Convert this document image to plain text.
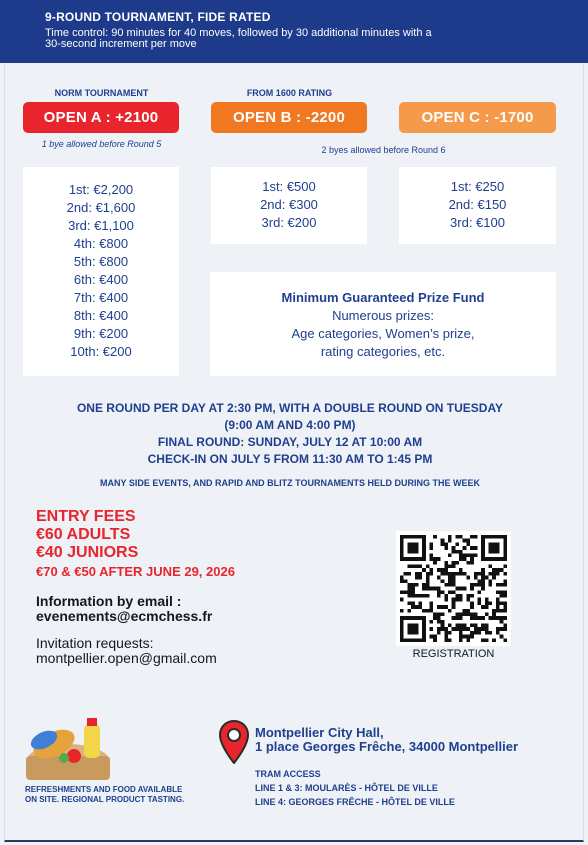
9-ROUND TOURNAMENT, FIDE RATED
Time control: 90 minutes for 40 moves, followed by 30 additional minutes with a
30-second increment per move
NORM TOURNAMENT
OPEN A : +2100
1 bye allowed before Round 5
FROM 1600 RATING
OPEN B : -2200	OPEN C : -1700
2 byes allowed before Round 6
1st: €2,200
2nd: €1,600
3rd: €1,100
4th: €800
5th: €800
6th: €400
7th: €400
8th: €400
9th: €200
10th: €200
1st: €500
2nd: €300
3rd: €200
1st: €250
2nd: €150
3rd: €100
Minimum Guaranteed Prize Fund
Numerous prizes:
Age categories, Women’s prize,
rating categories, etc.
ONE ROUND PER DAY AT 2:30 PM, WITH A DOUBLE ROUND ON TUESDAY
(9:00 AM AND 4:00 PM)
FINAL ROUND: SUNDAY, JULY 12 AT 10:00 AM
CHECK-IN ON JULY 5 FROM 11:30 AM TO 1:45 PM
MANY SIDE EVENTS, AND RAPID AND BLITZ TOURNAMENTS HELD DURING THE WEEK
ENTRY FEES
€60 ADULTS
€40 JUNIORS
€70 & €50 AFTER JUNE 29, 2026
Information by email :
evenements@ecmchess.fr
Invitation requests:
montpellier.open@gmail.com	REGISTRATION
REFRESHMENTS AND FOOD AVAILABLE
ON SITE. REGIONAL PRODUCT TASTING.
Montpellier City Hall,
1 place Georges Frêche, 34000 Montpellier
TRAM ACCESS
LINE 1 & 3: MOULARÈS - HÔTEL DE VILLE
LINE 4: GEORGES FRÊCHE - HÔTEL DE VILLE
